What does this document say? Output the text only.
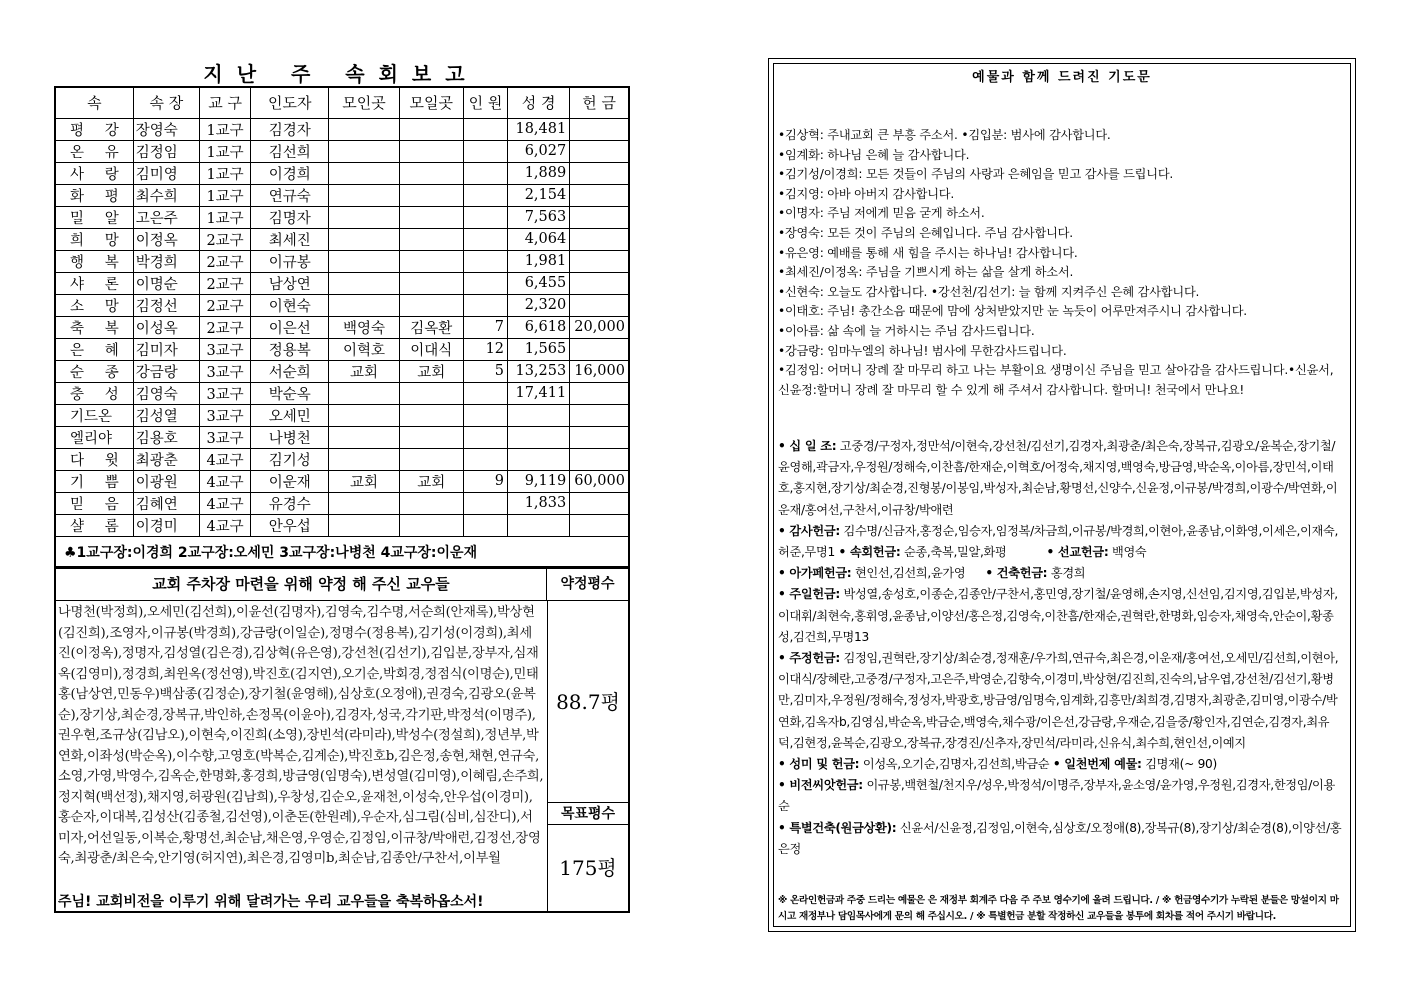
지난 주 속회보고
속	속 장	교 구	인도자	모인곳	모일곳	인 원	성 경	헌 금
평 강	장영숙	1교구	김경자				18,481	
온 유	김정임	1교구	김선희				6,027	
사 랑	김미영	1교구	이경희				1,889	
화 평	최수희	1교구	연규숙				2,154	
밀 알	고은주	1교구	김명자				7,563	
희 망	이정옥	2교구	최세진				4,064	
행 복	박경희	2교구	이규봉				1,981	
샤 론	이명순	2교구	남상연				6,455	
소 망	김정선	2교구	이현숙				2,320	
축 복	이성옥	2교구	이은선	백영숙	김옥환	7	6,618	20,000
은 혜	김미자	3교구	정용복	이혁호	이대식	12	1,565	
순 종	강금랑	3교구	서순희	교회	교회	5	13,253	16,000
충 성	김영숙	3교구	박순옥				17,411	
기드온	김성열	3교구	오세민					
엘리야	김용호	3교구	나병천					
다 윗	최광춘	4교구	김기성					
기 쁨	이광원	4교구	이운재	교회	교회	9	9,119	60,000
믿 음	김혜연	4교구	유경수				1,833	
샬 롬	이경미	4교구	안우섭					
♣1교구장:이경희 2교구장:오세민 3교구장:나병천 4교구장:이운재								
교회 주차장 마련을 위해 약정 해 주신 교우들	약정평수
나명천(박정희),오세민(김선희),이윤선(김명자),김영숙,김수명,서순희(안재록),박상현(김진희),조영자,이규봉(박경희),강금랑(이일순),정명수(정용복),김기성(이경희),최세진(이정옥),정명자,김성열(김은경),김상혁(유은영),강선천(김선기),김입분,장부자,심재옥(김영미),정경희,최윈옥(정선영),박진호(김지연),오기순,박회경,정점식(이명순),민태홍(남상연,민동우)백삼종(김정순),장기철(윤영해),심상호(오정애),권경숙,김광오(윤복순),장기상,최순경,장복규,박인하,손정목(이윤아),김경자,성국,각기판,박정석(이명주),권우현,조규상(김남오),이현숙,이진희(소영),장빈석(라미라),박성수(정설희),정년부,박연화,이좌성(박순옥),이수향,고영호(박복순,김계순),박진호b,김은정,송현,채현,연규숙,소영,가영,박영수,김옥순,한명화,홍경희,방금영(임명숙),변성열(김미영),이혜림,손주희,정지혁(백선정),채지영,허광원(김남희),우창성,김순오,윤재천,이성숙,안우섭(이경미),홍순자,이대복,김성산(김종철,김선영),이춘돈(한원례),우순자,심그림(심비,심잔디),서미자,어선일동,이복순,황명선,최순남,채은영,우영순,김정임,이규창/박애런,김정선,장영숙,최광춘/최은숙,안기영(허지연),최은경,김영미b,최순남,김종안/구찬서,이부월
주님! 교회비전을 이루기 위해 달려가는 우리 교우들을 축복하옵소서!
88.7평
목표평수
175평
예물과 함께 드려진 기도문
•김상혁: 주내교회 큰 부흥 주소서. •김입분: 범사에 감사합니다.
•임계화: 하나님 은혜 늘 감사합니다.
•김기성/이경희: 모든 것들이 주님의 사랑과 은혜임을 믿고 감사를 드립니다.
•김지영: 아바 아버지 감사합니다.
•이명자: 주님 저에게 믿음 굳게 하소서.
•장영숙: 모든 것이 주님의 은혜입니다. 주님 감사합니다.
•유은영: 예배를 통해 새 힘을 주시는 하나님! 감사합니다.
•최세진/이정옥: 주님을 기쁘시게 하는 삶을 살게 하소서.
•신현숙: 오늘도 감사합니다. •강선천/김선기: 늘 함께 지켜주신 은혜 감사합니다.
•이태호: 주님! 총간소음 때문에 맘에 상처받았지만 눈 녹듯이 어루만져주시니 감사합니다.
•이아름: 삶 속에 늘 거하시는 주님 감사드립니다.
•강금랑: 임마누엘의 하나님! 범사에 무한감사드립니다.
•김정임: 어머니 장례 잘 마무리 하고 나는 부활이요 생명이신 주님을 믿고 살아감을 감사드립니다.•신윤서,신윤정:할머니 장례 잘 마무리 할 수 있게 해 주셔서 감사합니다. 할머니! 천국에서 만나요!
• 십 일 조: 고중경/구정자,정만석/이현숙,강선천/김선기,김경자,최광춘/최은숙,장복규,김광오/윤복순,장기철/윤영해,곽금자,우정원/정해숙,이찬흠/한재순,이혁호/어정숙,채지영,백영숙,방금영,박순옥,이아름,장민석,이태호,홍지현,장기상/최순경,진형봉/이봉임,박성자,최순남,황명선,신양수,신윤정,이규봉/박경희,이광수/박연화,이운재/홍여선,구찬서,이규창/박애련
• 감사헌금: 김수명/신금자,홍정순,임승자,임정복/차금희,이규봉/박경희,이현아,윤종남,이화영,이세은,이재숙,허준,무명1 • 속회헌금: 순종,축복,밀알,화평	• 선교헌금: 백영숙
• 아가페헌금: 현인선,김선희,윤가영 • 건축헌금: 홍경희
• 주일헌금: 박성열,송성호,이종순,김종안/구찬서,홍민영,장기철/윤영해,손지영,신선임,김지영,김입분,박성자,이대휘/최현숙,홍휘영,윤종남,이양선/홍은정,김영숙,이찬흠/한재순,권혁란,한명화,임승자,채영숙,안순이,황종성,김건희,무명13
• 주정헌금: 김정임,권혁란,장기상/최순경,정재훈/우가희,연규숙,최은경,이운재/홍여선,오세민/김선희,이현아,이대식/장혜란,고중경/구정자,고은주,박영순,김향숙,이경미,박상현/김진희,진숙의,남우엽,강선천/김선기,황병만,김미자,우정원/정해숙,정성자,박광호,방금영/임명숙,임계화,김흥만/최희경,김명자,최광춘,김미영,이광수/박연화,김옥자b,김영심,박순옥,박금순,백영숙,채수광/이은선,강금랑,우재순,김을중/황인자,김연순,김경자,최유덕,김현정,윤복순,김광오,장복규,장경진/신추자,장민석/라미라,신유식,최수희,현인선,이예지
• 성미 및 헌금: 이성옥,오기순,김명자,김선희,박금순 • 일천번제 예물: 김명재(~ 90)
• 비전씨앗헌금: 이규봉,백현철/천지우/성우,박정석/이명주,장부자,윤소영/윤가영,우정원,김경자,한정임/이용순
• 특별건축(원금상환): 신윤서/신윤정,김정임,이현숙,심상호/오정애(8),장복규(8),장기상/최순경(8),이양선/홍은정
※ 온라인헌금과 주중 드리는 예물은 은 재정부 회계주 다음 주 주보 영수기에 올려 드립니다. / ※ 헌금영수기가 누락된 분들은 망설이지 마시고 재정부나 담임목사에게 문의 해 주십시오. / ※ 특별헌금 분할 작정하신 교우들을 봉투에 회차를 적어 주시기 바랍니다.
